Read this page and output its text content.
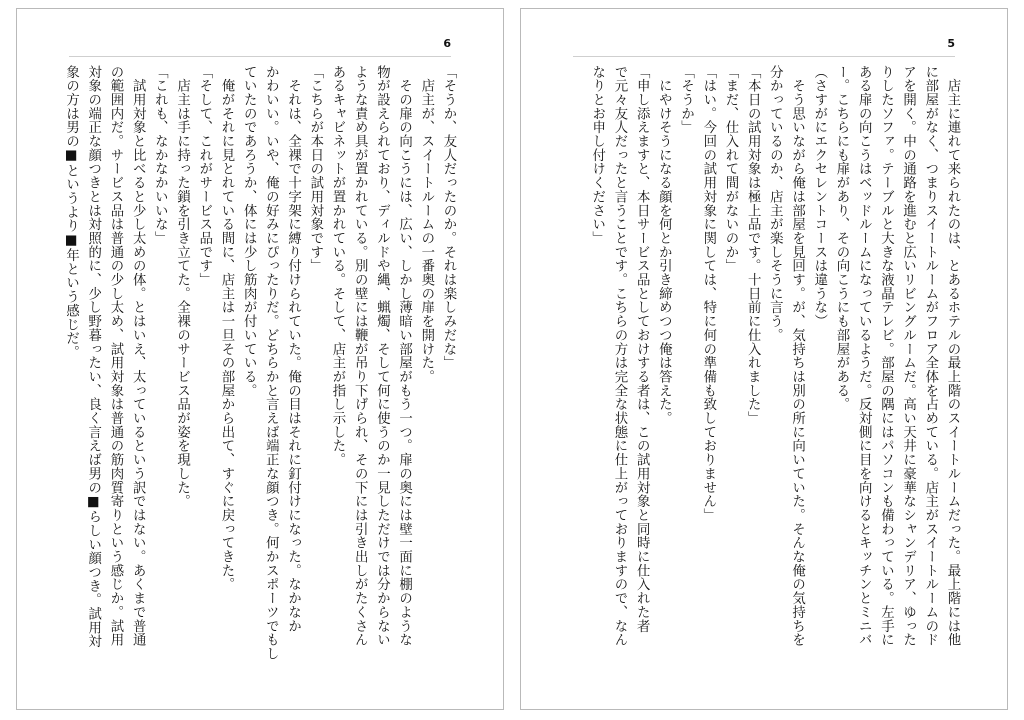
6

「そうか、友人だったのか。それは楽しみだな」

　店主が、スイートルームの一番奥の扉を開けた。

　その扉の向こうには、広い、しかし薄暗い部屋がもう一つ。扉の奥には壁一面に棚のような

物が設えられており、ディルドや縄、蝋燭、そして何に使うのか一見しただけでは分からない

ような責め具が置かれている。別の壁には鞭が吊り下げられ、その下には引き出しがたくさん

あるキャビネットが置かれている。そして、店主が指し示した。

「こちらが本日の試用対象です」

　それは、全裸で十字架に縛り付けられていた。俺の目はそれに釘付けになった。なかなか

かわいい。いや、俺の好みにぴったりだ。どちらかと言えば端正な顔つき。何かスポーツでもし

ていたのであろうか、体には少し筋肉が付いている。

　俺がそれに見とれている間に、店主は一旦その部屋から出て、すぐに戻ってきた。

「そして、これがサービス品です」

　店主は手に持った鎖を引き立てた。全裸のサービス品が姿を現した。

「これも、なかなかいいな」

　試用対象と比べると少し太めの体。とはいえ、太っているという訳ではない。あくまで普通

の範囲内だ。サービス品は普通の少し太め、試用対象は普通の筋肉質寄りという感じか。試用

対象の端正な顔つきとは対照的に、少し野暮ったい、良く言えば男の■らしい顔つき。試用対

象の方は男の■というより■年という感じだ。

5

　店主に連れて来られたのは、とあるホテルの最上階のスイートルームだった。最上階には他

に部屋がなく、つまりスイートルームがフロア全体を占めている。店主がスイートルームのド

アを開く。中の通路を進むと広いリビングルームだ。高い天井に豪華なシャンデリア、ゆった

りしたソファ。テーブルと大きな液晶テレビ。部屋の隅にはパソコンも備わっている。左手に

ある扉の向こうはベッドルームになっているようだ。反対側に目を向けるとキッチンとミニバ

ー。こちらにも扉があり、その向こうにも部屋がある。

（さすがにエクセレントコースは違うな）

　そう思いながら俺は部屋を見回す。が、気持ちは別の所に向いていた。そんな俺の気持ちを

分かっているのか、店主が楽しそうに言う。

「本日の試用対象は極上品です。十日前に仕入れました」

「まだ、仕入れて間がないのか」

「はい。今回の試用対象に関しては、特に何の準備も致しておりません」

「そうか」

　にやけそうになる顔を何とか引き締めつつ俺は答えた。

「申し添えますと、本日サービス品としておけする者は、この試用対象と同時に仕入れた者

で元々友人だったと言うことです。こちらの方は完全な状態に仕上がっておりますので、なん

なりとお申し付けください」
